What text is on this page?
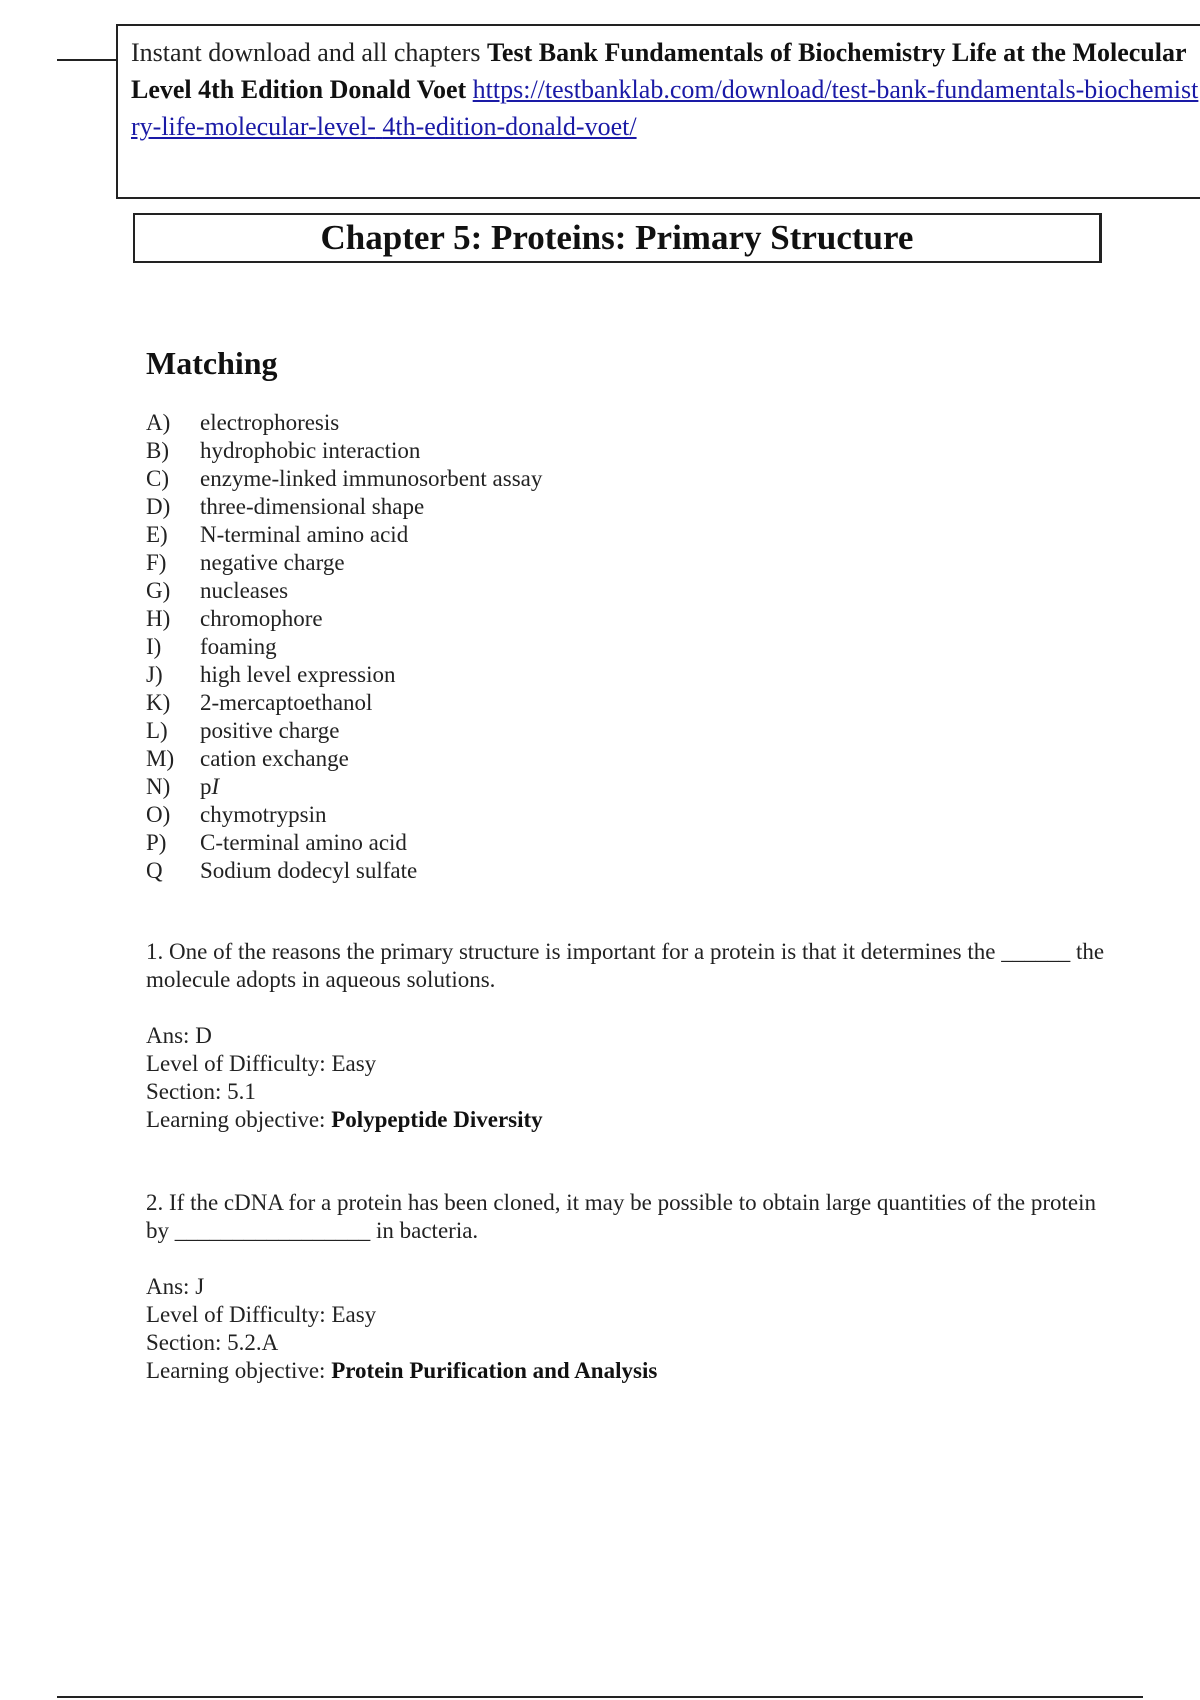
Instant download and all chapters Test Bank Fundamentals of Biochemistry Life at the Molecular Level 4th Edition Donald Voet https://testbanklab.com/download/test-bank-fundamentals-biochemistry-life-molecular-level- 4th-edition-donald-voet/
Chapter 5: Proteins: Primary Structure
Matching
A)	electrophoresis
B)	hydrophobic interaction
C)	enzyme-linked immunosorbent assay
D)	three-dimensional shape
E)	N-terminal amino acid
F)	negative charge
G)	nucleases
H)	chromophore
I)	foaming
J)	high level expression
K)	2-mercaptoethanol
L)	positive charge
M)	cation exchange
N)	pI
O)	chymotrypsin
P)	C-terminal amino acid
Q	Sodium dodecyl sulfate
1. One of the reasons the primary structure is important for a protein is that it determines the ______ the molecule adopts in aqueous solutions.
Ans: D
Level of Difficulty: Easy
Section: 5.1
Learning objective: Polypeptide Diversity
2. If the cDNA for a protein has been cloned, it may be possible to obtain large quantities of the protein by _________________ in bacteria.
Ans: J
Level of Difficulty: Easy
Section: 5.2.A
Learning objective: Protein Purification and Analysis
